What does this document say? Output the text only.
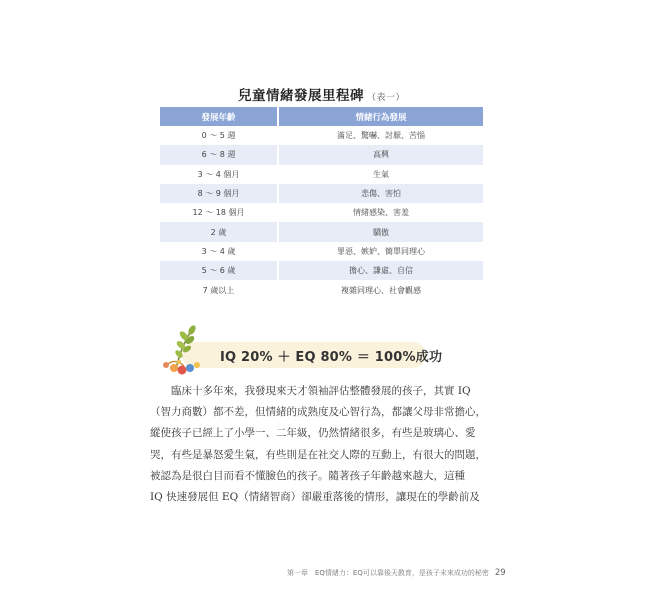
兒童情緒發展里程碑 （表一）
發展年齡	情緒行為發展
0 ～ 5 週	滿足、驚嚇、討厭、苦惱
6 ～ 8 週	高興
3 ～ 4 個月	生氣
8 ～ 9 個月	悲傷、害怕
12 ～ 18 個月	情緒感染、害羞
2 歲	驕傲
3 ～ 4 歲	罪惡、嫉妒、簡單同理心
5 ～ 6 歲	擔心、謙虛、自信
7 歲以上	複雜同理心、社會觀感
IQ 20% ＋ EQ 80% ＝ 100%成功

臨床十多年來，我發現來天才領袖評估整體發展的孩子，其實 IQ
（智力商數）都不差，但情緒的成熟度及心智行為，都讓父母非常擔心，
縱使孩子已經上了小學一、二年級，仍然情緒很多，有些是玻璃心、愛
哭，有些是暴怒愛生氣，有些則是在社交人際的互動上，有很大的問題，
被認為是很白目而看不懂臉色的孩子。隨著孩子年齡越來越大，這種
IQ 快速發展但 EQ（情緒智商）卻嚴重落後的情形，讓現在的學齡前及

第一章　EQ情緒力：EQ可以靠後天教育，是孩子未來成功的秘密 29
